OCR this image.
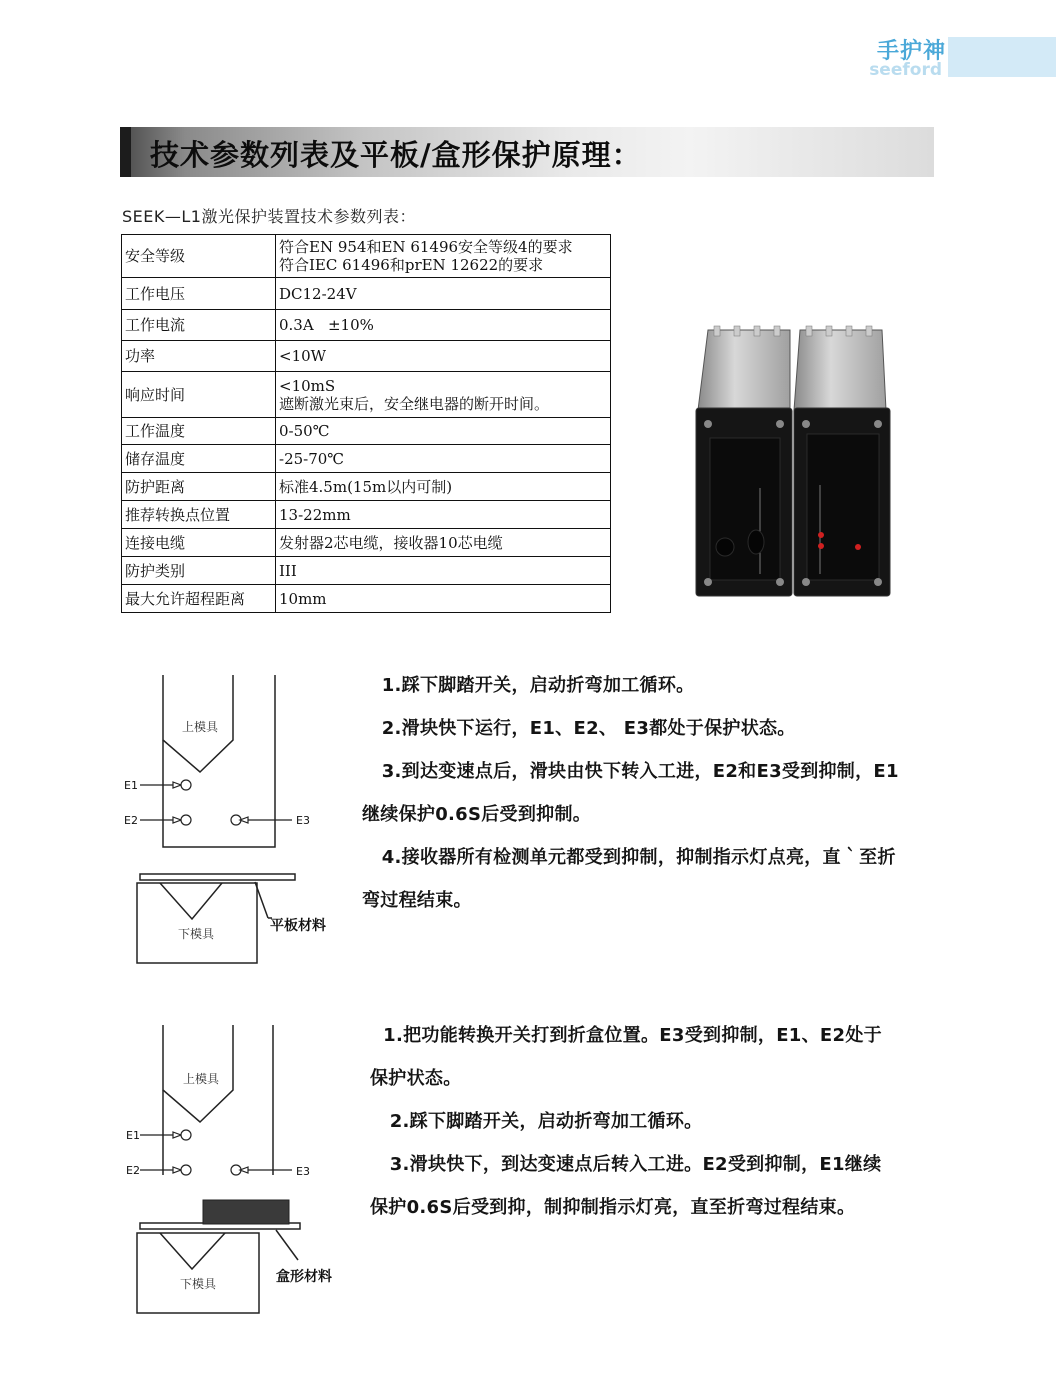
手护神
seeford
技术参数列表及平板/盒形保护原理：
SEEK—L1激光保护装置技术参数列表：
安全等级	符合EN 954和EN 61496安全等级4的要求
符合IEC 61496和prEN 12622的要求

工作电压	DC12-24V
工作电流	0.3A   ±10%
功率	<10W
响应时间	<10mS
遮断激光束后，安全继电器的断开时间。

工作温度	0-50℃
储存温度	-25-70℃
防护距离	标准4.5m(15m以内可制)
推荐转换点位置	13-22mm
连接电缆	发射器2芯电缆，接收器10芯电缆
防护类别	III
最大允许超程距离	10mm
上模具
下模具	平板材料
E1
E2	E3
1.踩下脚踏开关，启动折弯加工循环。
2.滑块快下运行，E1、E2、 E3都处于保护状态。
3.到达变速点后，滑块由快下转入工进，E2和E3受到抑制，E1
继续保护0.6S后受到抑制。
4.接收器所有检测单元都受到抑制，抑制指示灯点亮，直｀至折
弯过程结束。
上模具
下模具	盒形材料
E1
E2	E3
1.把功能转换开关打到折盒位置。E3受到抑制，E1、E2处于
保护状态。
2.踩下脚踏开关，启动折弯加工循环。
3.滑块快下，到达变速点后转入工进。E2受到抑制，E1继续
保护0.6S后受到抑，制抑制指示灯亮，直至折弯过程结束。
